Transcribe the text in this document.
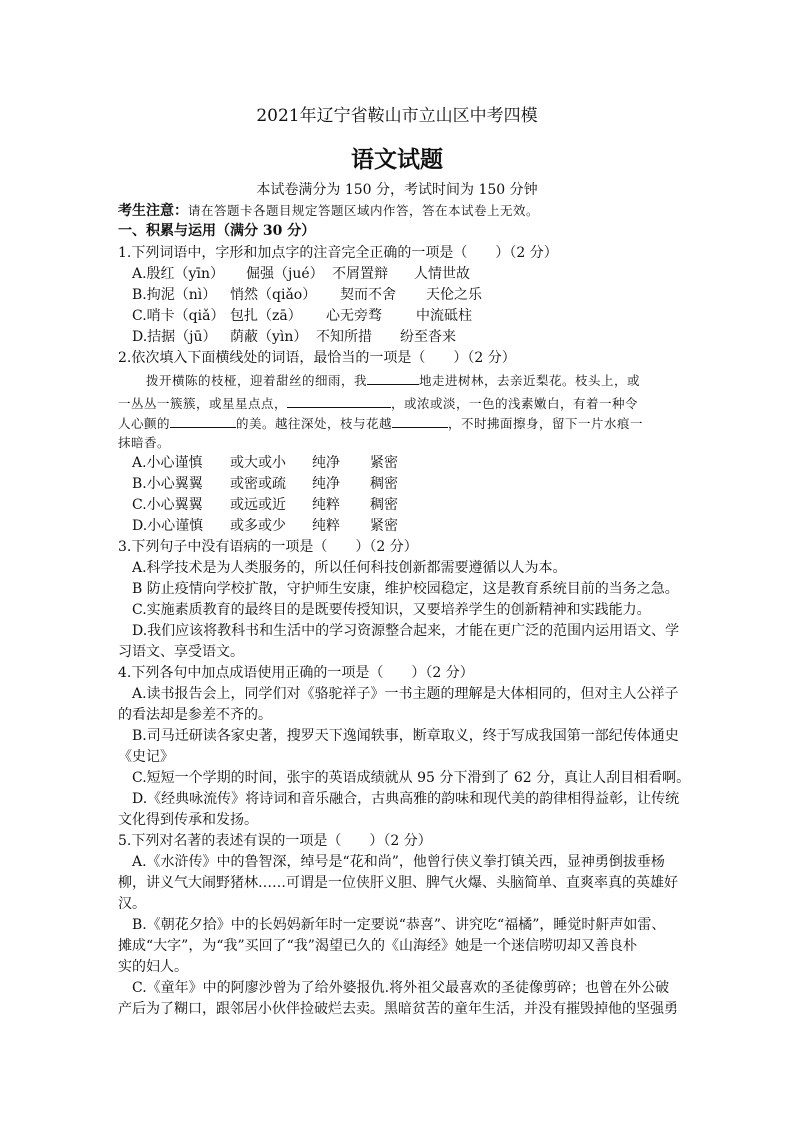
2021年辽宁省鞍山市立山区中考四模
语文试题
本试卷满分为 150 分，考试时间为 150 分钟
考生注意：请在答题卡各题目规定答题区域内作答，答在本试卷上无效。
一、积累与运用（满分 30 分）
1.下列词语中，字形和加点字的注音完全正确的一项是（　　）（2 分）
A.殷红（yīn） 倔强（jué） 不屑置辩 人情世故
B.拘泥（nì） 悄然（qiǎo） 契而不舍 天伦之乐
C.哨卡（qiǎ） 包扎（zā） 心无旁骛 中流砥柱
D.拮据（jū） 荫蔽（yìn） 不知所措 纷至沓来
2.依次填入下面横线处的词语，最恰当的一项是（　　）（2 分）
拨开横陈的枝桠，迎着甜丝的细雨，我	地走进树林，去亲近梨花。枝头上，或
一丛丛一簇簇，或星星点点，	，或浓或淡，一色的浅素嫩白，有着一种令
人心颤的	的美。越往深处，枝与花越	，不时拂面擦身，留下一片水痕一
抹暗香。
A.小心谨慎 或大或小 纯净 紧密
B.小心翼翼 或密或疏 纯净 稠密
C.小心翼翼 或远或近 纯粹 稠密
D.小心谨慎 或多或少 纯粹 紧密
3.下列句子中没有语病的一项是（　　）（2 分）
A.科学技术是为人类服务的，所以任何科技创新都需要遵循以人为本。
B 防止疫情向学校扩散，守护师生安康，维护校园稳定，这是教育系统目前的当务之急。
C.实施素质教育的最终目的是既要传授知识，又要培养学生的创新精神和实践能力。
D.我们应该将教科书和生活中的学习资源整合起来，才能在更广泛的范围内运用语文、学
习语文、享受语文。
4.下列各句中加点成语使用正确的一项是（　　）（2 分）
A.读书报告会上，同学们对《骆驼祥子》一书主题的理解是大体相同的，但对主人公祥子
的看法却是参差不齐的。
B.司马迁研读各家史著，搜罗天下逸闻轶事，断章取义，终于写成我国第一部纪传体通史
《史记》
C.短短一个学期的时间，张宇的英语成绩就从 95 分下滑到了 62 分，真让人刮目相看啊。
D.《经典咏流传》将诗词和音乐融合，古典高雅的韵味和现代美的韵律相得益彰，让传统
文化得到传承和发扬。
5.下列对名著的表述有误的一项是（　　）（2 分）
A.《水浒传》中的鲁智深，绰号是“花和尚”，他曾行侠义拳打镇关西，显神勇倒拔垂杨
柳，讲义气大闹野猪林……可谓是一位侠肝义胆、脾气火爆、头脑简单、直爽率真的英雄好
汉。
B.《朝花夕拾》中的长妈妈新年时一定要说“恭喜”、讲究吃“福橘”，睡觉时鼾声如雷、
摊成“大字”，为“我”买回了“我”渴望已久的《山海经》她是一个迷信唠叨却又善良朴
实的妇人。
C.《童年》中的阿廖沙曾为了给外婆报仇.将外祖父最喜欢的圣徒像剪碎；也曾在外公破
产后为了糊口，跟邻居小伙伴捡破烂去卖。黑暗贫苦的童年生活，并没有摧毁掉他的坚强勇
